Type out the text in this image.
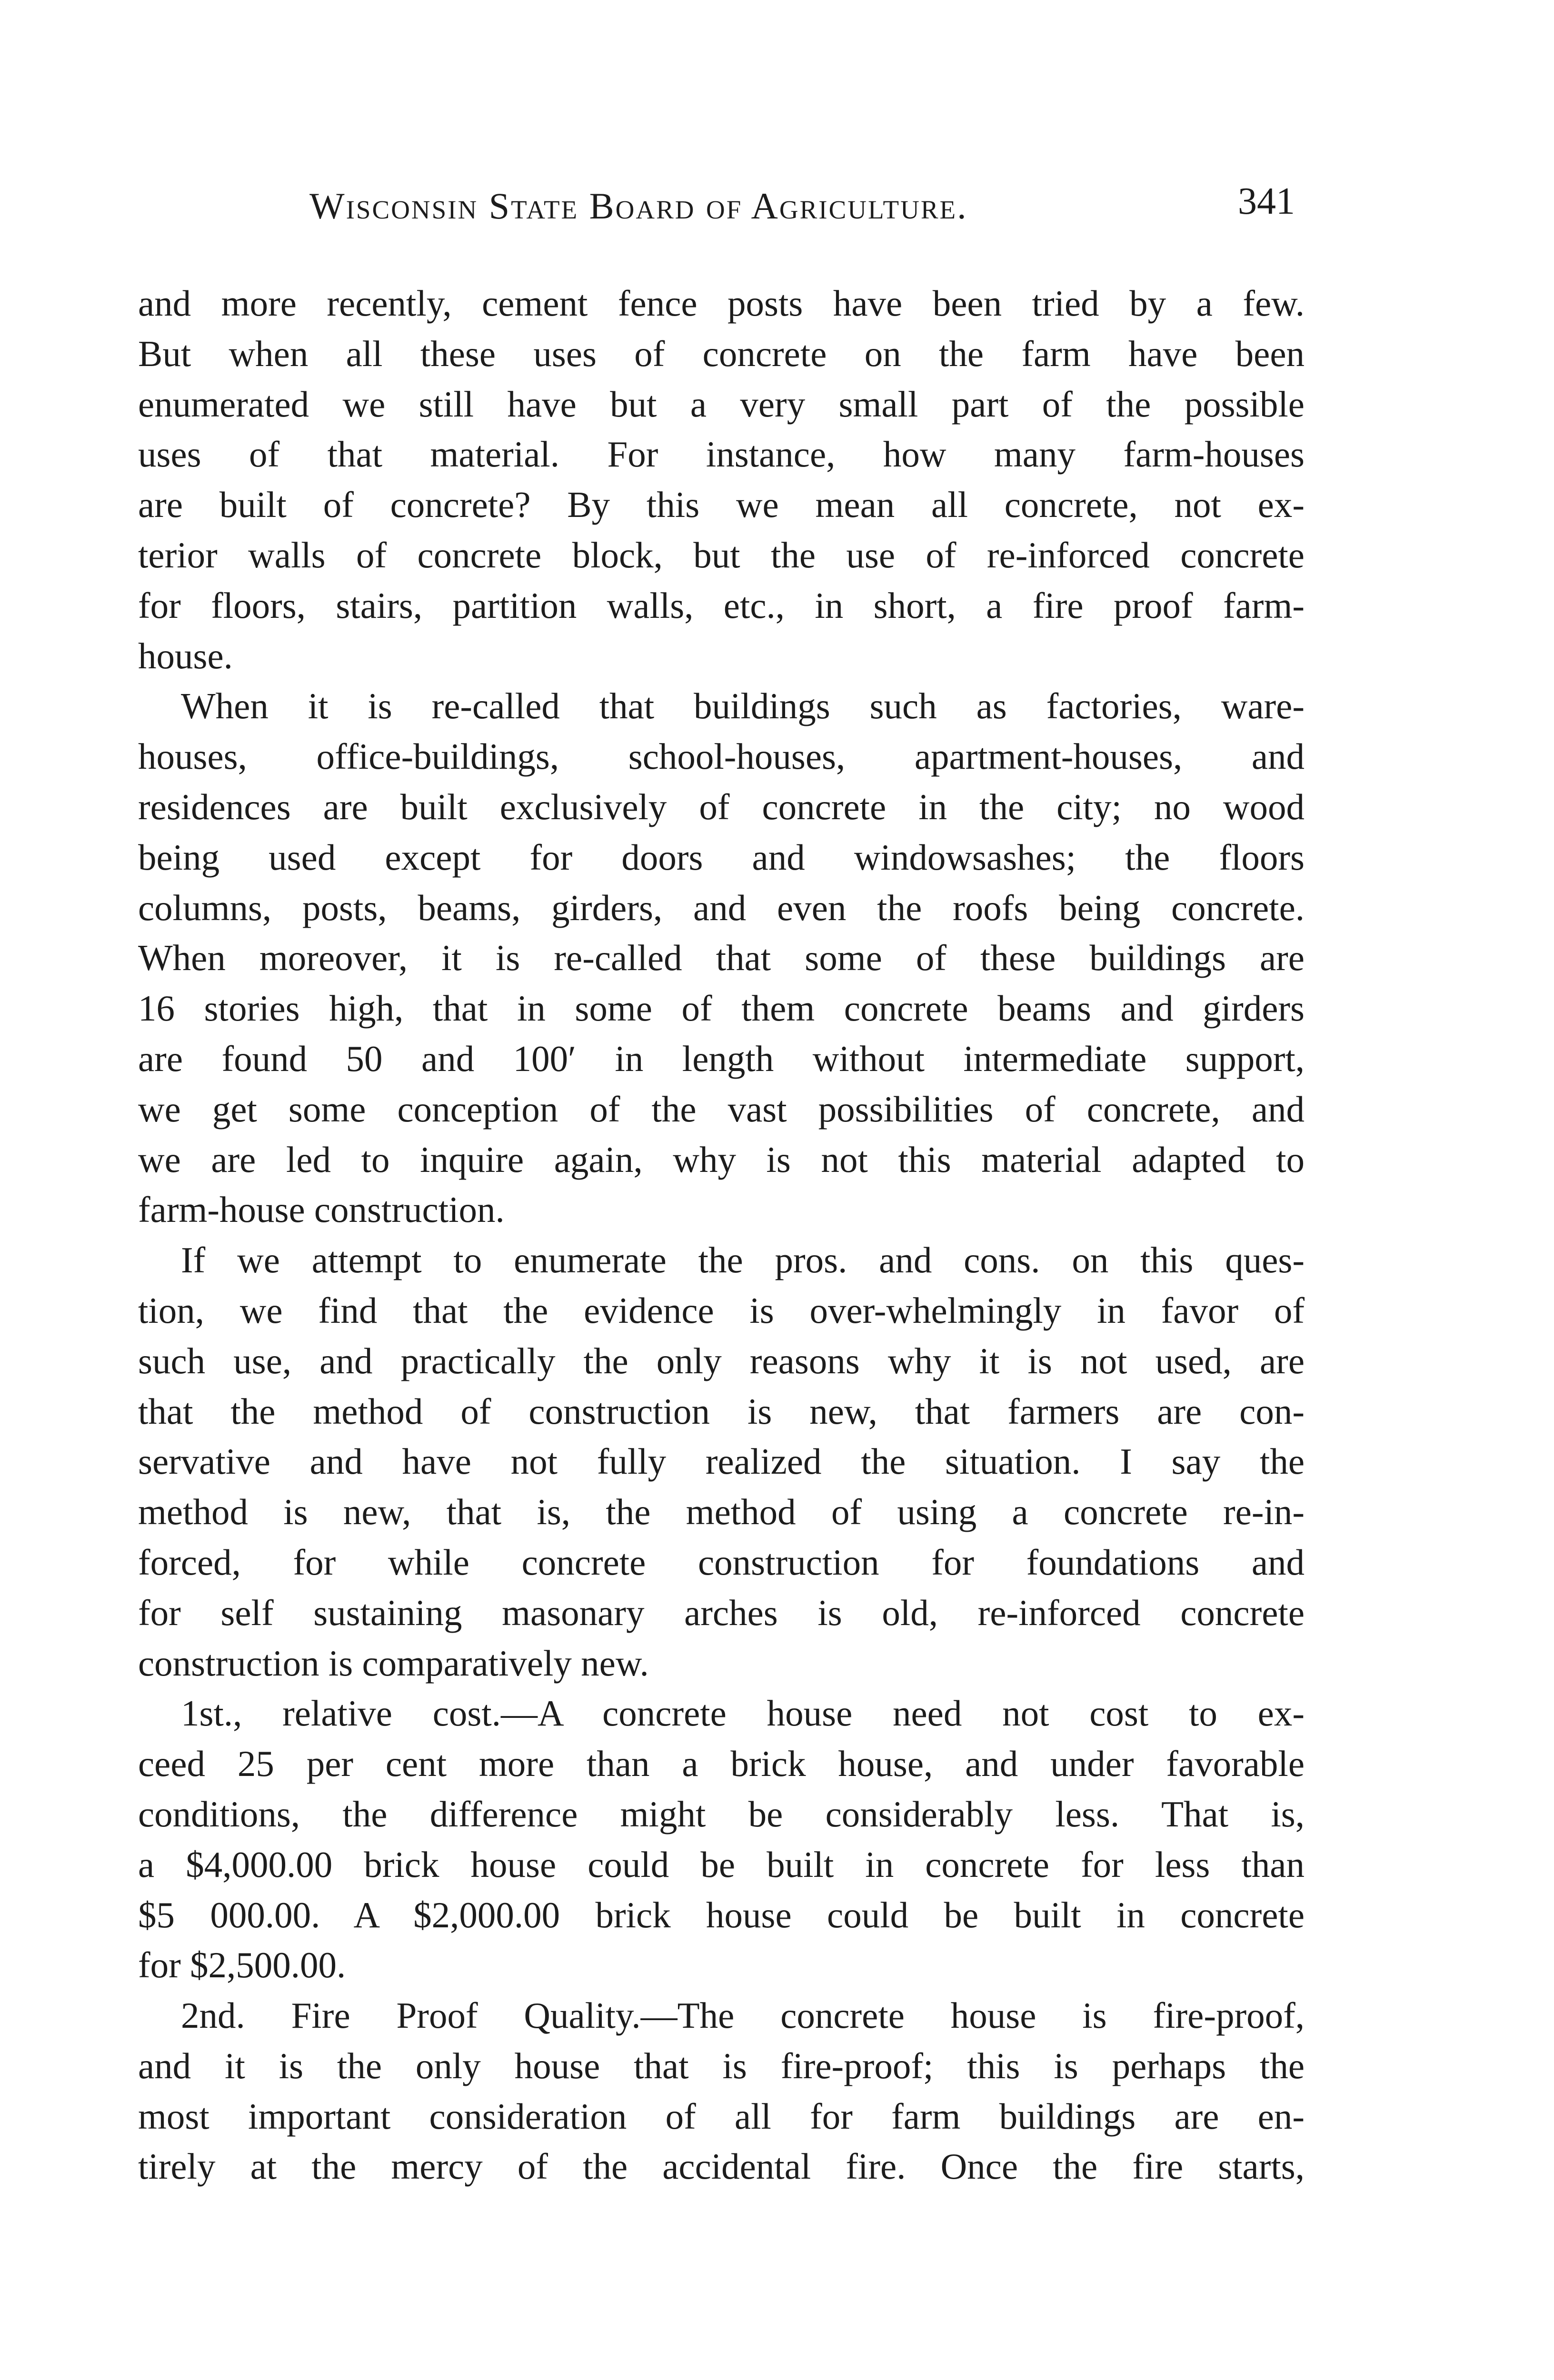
Wisconsin State Board of Agriculture.	341
and more recently, cement fence posts have been tried by a few.
But when all these uses of concrete on the farm have been
enumerated we still have but a very small part of the possible
uses of that material. For instance, how many farm-houses
are built of concrete? By this we mean all concrete, not ex-
terior walls of concrete block, but the use of re-inforced concrete
for floors, stairs, partition walls, etc., in short, a fire proof farm-
house.
When it is re-called that buildings such as factories, ware-
houses, office-buildings, school-houses, apartment-houses, and
residences are built exclusively of concrete in the city; no wood
being used except for doors and windowsashes; the floors
columns, posts, beams, girders, and even the roofs being concrete.
When moreover, it is re-called that some of these buildings are
16 stories high, that in some of them concrete beams and girders
are found 50 and 100′ in length without intermediate support,
we get some conception of the vast possibilities of concrete, and
we are led to inquire again, why is not this material adapted to
farm-house construction.
If we attempt to enumerate the pros. and cons. on this ques-
tion, we find that the evidence is over-whelmingly in favor of
such use, and practically the only reasons why it is not used, are
that the method of construction is new, that farmers are con-
servative and have not fully realized the situation. I say the
method is new, that is, the method of using a concrete re-in-
forced, for while concrete construction for foundations and
for self sustaining masonary arches is old, re-inforced concrete
construction is comparatively new.
1st., relative cost.—A concrete house need not cost to ex-
ceed 25 per cent more than a brick house, and under favorable
conditions, the difference might be considerably less. That is,
a $4,000.00 brick house could be built in concrete for less than
$5 000.00. A $2,000.00 brick house could be built in concrete
for $2,500.00.
2nd. Fire Proof Quality.—The concrete house is fire-proof,
and it is the only house that is fire-proof; this is perhaps the
most important consideration of all for farm buildings are en-
tirely at the mercy of the accidental fire. Once the fire starts,
